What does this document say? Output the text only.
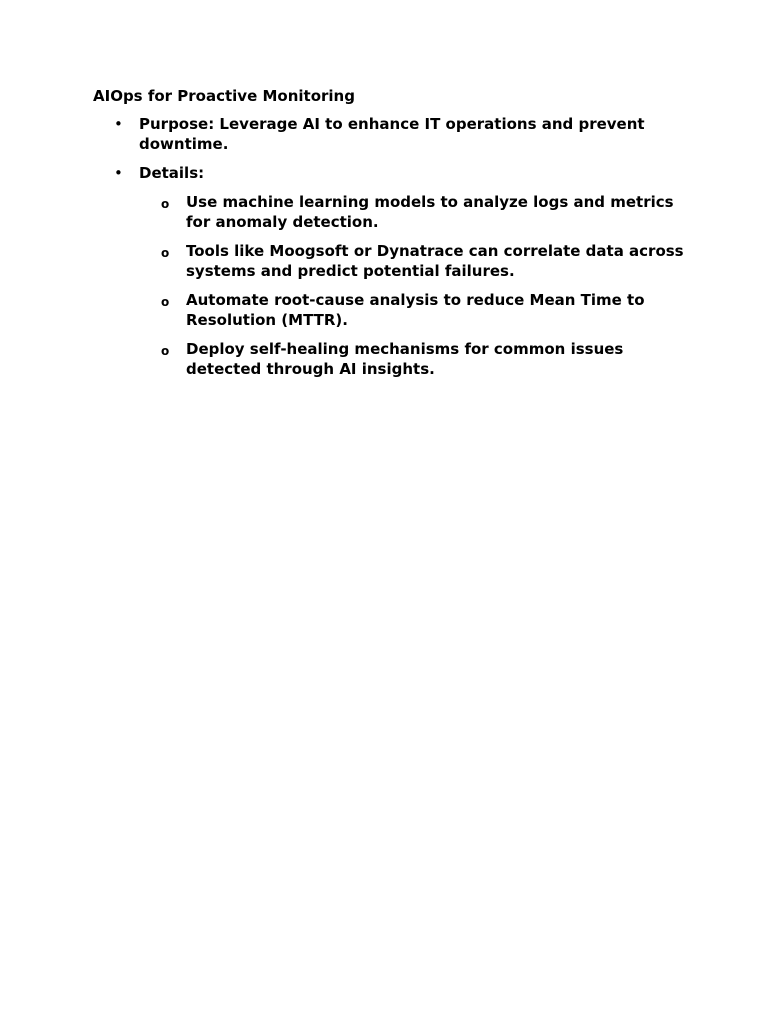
AIOps for Proactive Monitoring
• Purpose: Leverage AI to enhance IT operations and prevent downtime.
• Details:
o Use machine learning models to analyze logs and metrics for anomaly detection.
o Tools like Moogsoft or Dynatrace can correlate data across systems and predict potential failures.
o Automate root-cause analysis to reduce Mean Time to Resolution (MTTR).
o Deploy self-healing mechanisms for common issues detected through AI insights.
